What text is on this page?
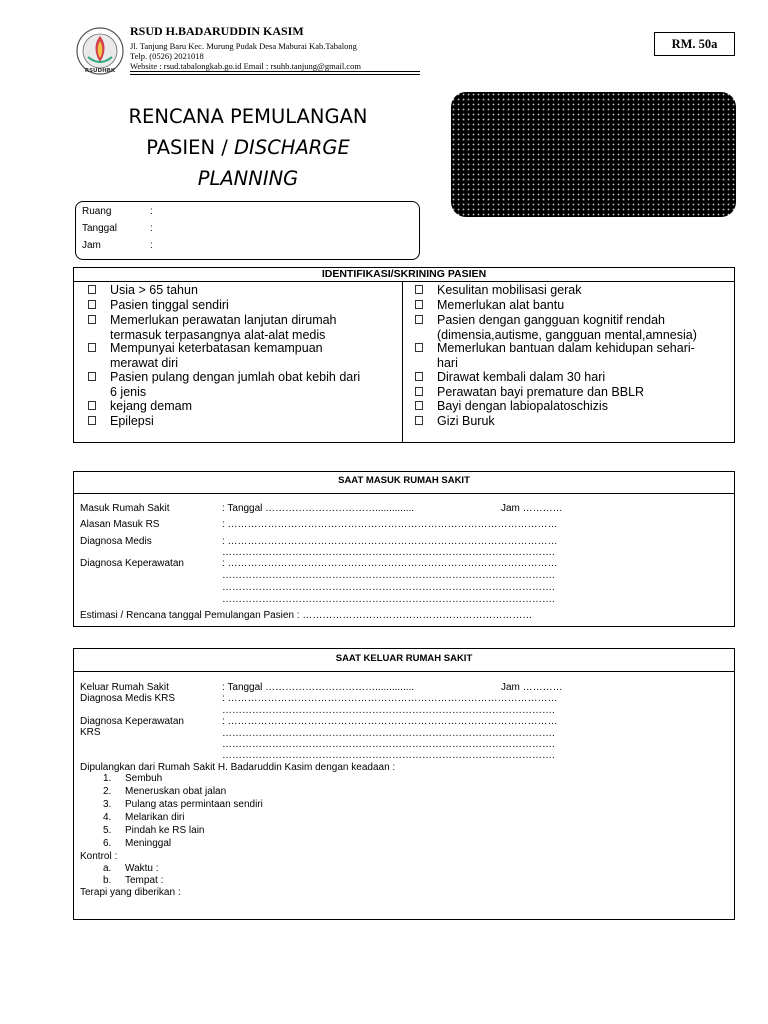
RSUDHBK
RSUD H.BADARUDDIN KASIM
Jl. Tanjung Baru Kec. Murung Pudak Desa Maburai Kab.Tabalong
Telp. (0526) 2021018
Website : rsud.tabalongkab.go.id Email : rsuhb.tanjung@gmail.com
RM. 50a
RENCANA PEMULANGAN
PASIEN / DISCHARGE
PLANNING
Ruang	:
Tanggal	:
Jam	:
IDENTIFIKASI/SKRINING PASIEN
Usia > 65 tahun
Pasien tinggal sendiri
Memerlukan perawatan lanjutan dirumah
termasuk terpasangnya alat-alat medis
Mempunyai keterbatasan kemampuan
merawat diri
Pasien pulang dengan jumlah obat kebih dari
6 jenis
kejang demam
Epilepsi
Kesulitan mobilisasi gerak
Memerlukan alat bantu
Pasien dengan gangguan kognitif rendah
(dimensia,autisme, gangguan mental,amnesia)
Memerlukan bantuan dalam kehidupan sehari-
hari
Dirawat kembali dalam 30 hari
Perawatan bayi premature dan BBLR
Bayi dengan labiopalatoschizis
Gizi Buruk
SAAT MASUK RUMAH SAKIT
Masuk Rumah Sakit	: Tanggal ……………………………..............	Jam …………
Alasan Masuk RS	: ………………………………………………………………………………………
Diagnosa Medis	: ………………………………………………………………………………………
……………………………………………………………………………………….
Diagnosa Keperawatan	: ………………………………………………………………………………………
……………………………………………………………………………………….
……………………………………………………………………………………….
……………………………………………………………………………………….
Estimasi / Rencana tanggal Pemulangan Pasien : ……………………………………………………………
SAAT KELUAR RUMAH SAKIT
Keluar Rumah Sakit	: Tanggal ……………………………..............	Jam …………
Diagnosa Medis KRS	: ………………………………………………………………………………………
……………………………………………………………………………………….
Diagnosa Keperawatan
KRS
: ………………………………………………………………………………………
……………………………………………………………………………………….
……………………………………………………………………………………….
……………………………………………………………………………………….
Dipulangkan dari Rumah Sakit H. Badaruddin Kasim dengan keadaan :
1. Sembuh
2. Meneruskan obat jalan
3. Pulang atas permintaan sendiri
4. Melarikan diri
5. Pindah ke RS lain
6. Meninggal
Kontrol :
a. Waktu :
b. Tempat :
Terapi yang diberikan :
